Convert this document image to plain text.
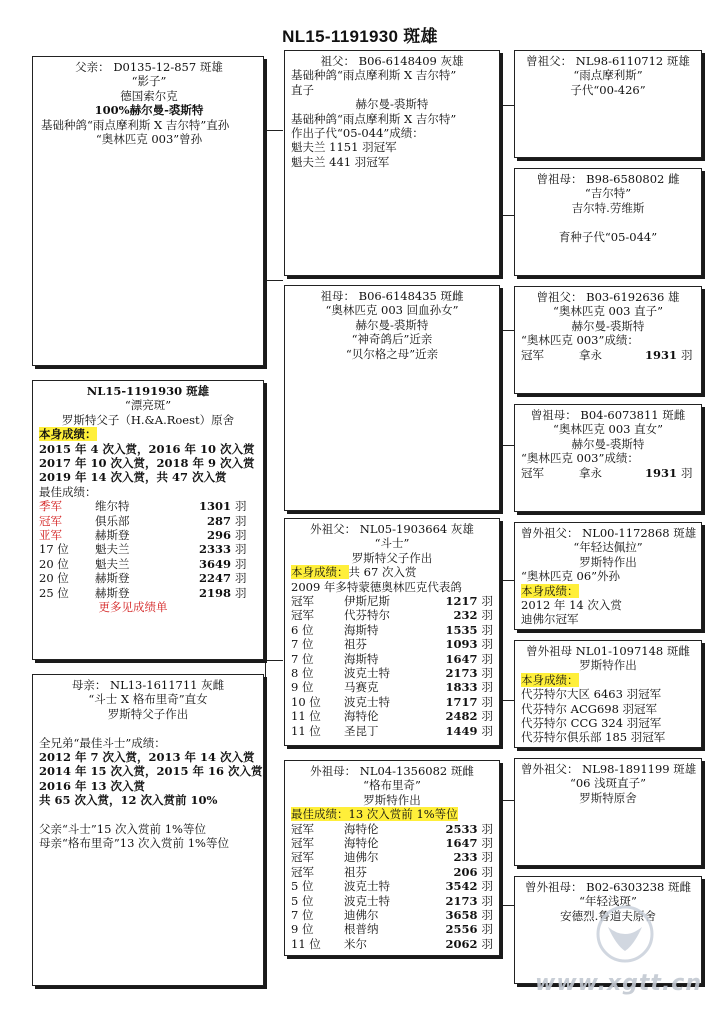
NL15-1191930 斑雄
父亲： D0135-12-857 斑雄
“影子”
德国索尔克
100%赫尔曼-裘斯特
基础种鸽“雨点摩利斯 X 吉尔特”直孙
“奥林匹克 003”曾孙
NL15-1191930 斑雄
“漂亮斑”
罗斯特父子（H.&A.Roest）原舍
本身成绩：
2015 年 4 次入赏，2016 年 10 次入赏
2017 年 10 次入赏，2018 年 9 次入赏
2019 年 14 次入赏，共 47 次入赏
最佳成绩：
季军	维尔特	1301 羽
冠军	俱乐部	287 羽
亚军	赫斯登	296 羽
17 位	魁夫兰	2333 羽
20 位	魁夫兰	3649 羽
20 位	赫斯登	2247 羽
25 位	赫斯登	2198 羽
更多见成绩单
母亲： NL13-1611711 灰雌
“斗士 X 格布里奇”直女
罗斯特父子作出
全兄弟“最佳斗士”成绩：
2012 年 7 次入赏，2013 年 14 次入赏
2014 年 15 次入赏，2015 年 16 次入赏
2016 年 13 次入赏
共 65 次入赏，12 次入赏前 10%
父亲“斗士”15 次入赏前 1%等位
母亲“格布里奇”13 次入赏前 1%等位
祖父： B06-6148409 灰雄
基础种鸽“雨点摩利斯 X 吉尔特”
直子
赫尔曼-裘斯特
基础种鸽“雨点摩利斯 X 吉尔特”
作出子代“05-044”成绩：
魁夫兰 1151 羽冠军
魁夫兰 441 羽冠军
祖母： B06-6148435 斑雌
“奥林匹克 003 回血孙女”
赫尔曼-裘斯特
“神奇鸽后”近亲
“贝尔格之母”近亲
外祖父： NL05-1903664 灰雄
“斗士”
罗斯特父子作出
本身成绩：共 67 次入赏
2009 年多特蒙德奥林匹克代表鸽
冠军	伊斯尼斯	1217 羽
冠军	代芬特尔	232 羽
6 位	海斯特	1535 羽
7 位	祖芬	1093 羽
7 位	海斯特	1647 羽
8 位	波克士特	2173 羽
9 位	马赛克	1833 羽
10 位	波克士特	1717 羽
11 位	海特伦	2482 羽
11 位	圣昆丁	1449 羽
外祖母： NL04-1356082 斑雌
“格布里奇”
罗斯特作出
最佳成绩：13 次入赏前 1%等位
冠军	海特伦	2533 羽
冠军	海特伦	1647 羽
冠军	迪佛尔	233 羽
冠军	祖芬	206 羽
5 位	波克士特	3542 羽
5 位	波克士特	2173 羽
7 位	迪佛尔	3658 羽
9 位	根普纳	2556 羽
11 位	米尔	2062 羽
曾祖父： NL98-6110712 斑雄
“雨点摩利斯”
子代“00-426”
曾祖母： B98-6580802 雌
“吉尔特”
吉尔特.劳维斯
育种子代“05-044”
曾祖父： B03-6192636 雄
“奥林匹克 003 直子”
赫尔曼-裘斯特
“奥林匹克 003”成绩：
冠军	拿永	1931 羽
曾祖母： B04-6073811 斑雌
“奥林匹克 003 直女”
赫尔曼-裘斯特
“奥林匹克 003”成绩：
冠军	拿永	1931 羽
曾外祖父： NL00-1172868 斑雄
“年轻达佩拉”
罗斯特作出
“奥林匹克 06”外孙
本身成绩：
2012 年 14 次入赏
迪佛尔冠军
曾外祖母 NL01-1097148 斑雌
罗斯特作出
本身成绩：
代芬特尔大区 6463 羽冠军
代芬特尔 ACG698 羽冠军
代芬特尔 CCG 324 羽冠军
代芬特尔俱乐部 185 羽冠军
曾外祖父： NL98-1891199 斑雄
“06 浅斑直子”
罗斯特原舍
曾外祖母： B02-6303238 斑雌
“年轻浅斑”
安德烈.鲁道夫原舍
www.xgtt.cn
